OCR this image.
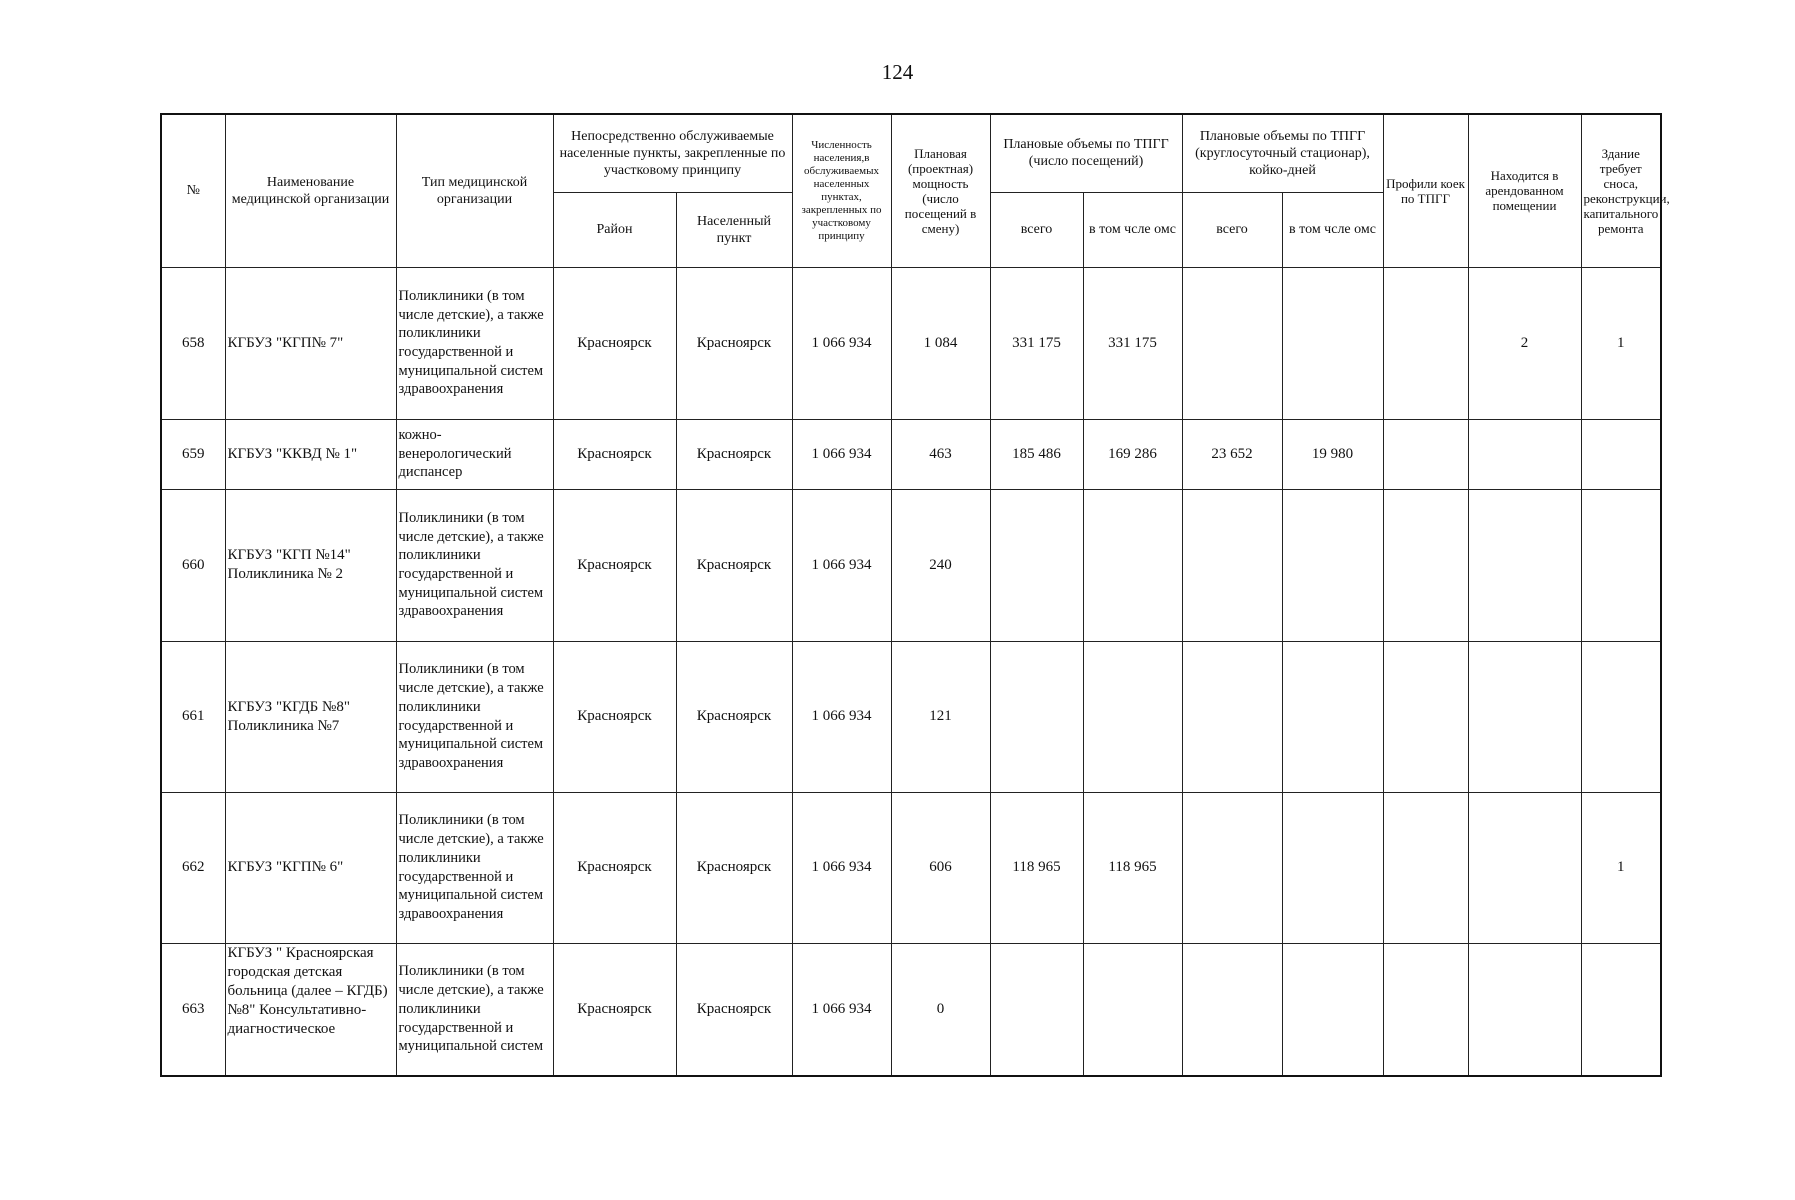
124
№	Наименование медицинской организации	Тип медицинской организации	Непосредственно обслуживаемые населенные пункты, закрепленные по участковому принципу		Численность населения,в обслуживаемых населенных пунктах, закрепленных по участковому принципу	Плановая (проектная) мощность (число посещений в смену)	Плановые объемы по ТПГГ (число посещений)		Плановые объемы по ТПГГ (круглосуточный стационар), койко-дней		Профили коек по ТПГГ	Находится в арендованном помещении	Здание требует сноса, реконструкции, капитального ремонта
			Район	Населенный пункт			всего	в том чсле омс	всего	в том чсле омс			
658	КГБУЗ "КГП№ 7"	Поликлиники (в том числе детские), а также поликлиники государственной и муниципальной систем здравоохранения	Красноярск	Красноярск	1 066 934	1 084	331 175	331 175				2	1
659	КГБУЗ "ККВД № 1"	кожно-венерологический диспансер	Красноярск	Красноярск	1 066 934	463	185 486	169 286	23 652	19 980			
660	КГБУЗ "КГП №14" Поликлиника № 2	Поликлиники (в том числе детские), а также поликлиники государственной и муниципальной систем здравоохранения	Красноярск	Красноярск	1 066 934	240							
661	КГБУЗ "КГДБ №8" Поликлиника №7	Поликлиники (в том числе детские), а также поликлиники государственной и муниципальной систем здравоохранения	Красноярск	Красноярск	1 066 934	121							
662	КГБУЗ "КГП№ 6"	Поликлиники (в том числе детские), а также поликлиники государственной и муниципальной систем здравоохранения	Красноярск	Красноярск	1 066 934	606	118 965	118 965					1
663	КГБУЗ " Красноярская городская детская больница (далее – КГДБ) №8" Консультативно-диагностическое	Поликлиники (в том числе детские), а также поликлиники государственной и муниципальной систем	Красноярск	Красноярск	1 066 934	0							
